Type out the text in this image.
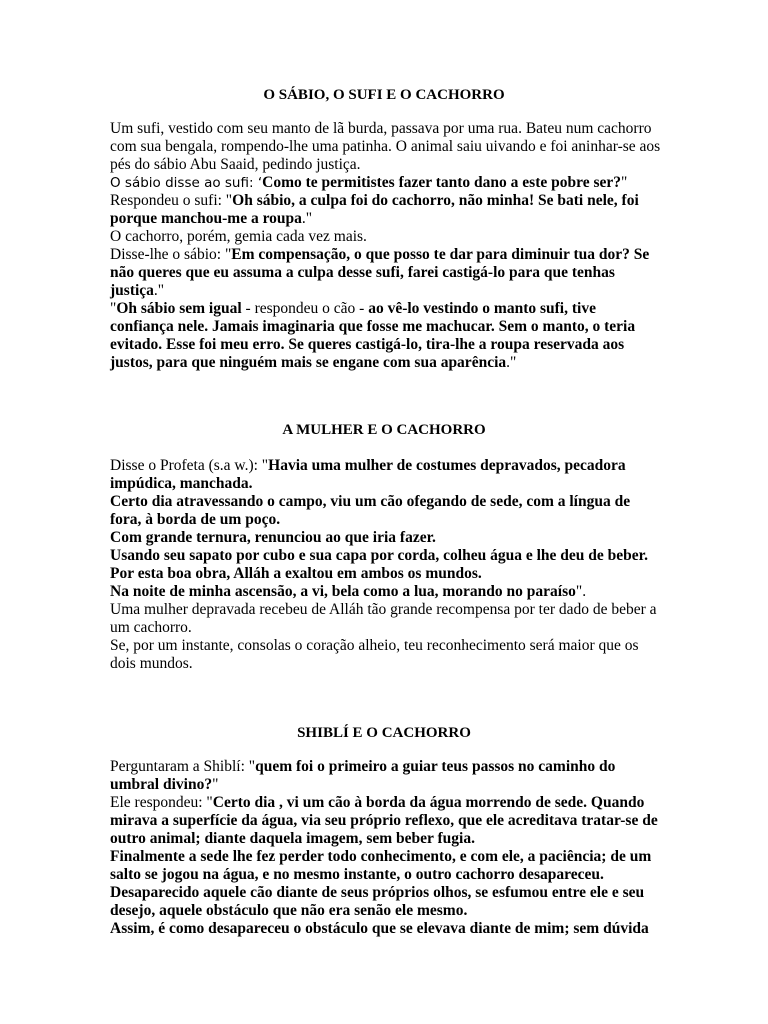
O SÁBIO, O SUFI E O CACHORRO

Um sufi, vestido com seu manto de lã burda, passava por uma rua. Bateu num cachorro com sua bengala, rompendo-lhe uma patinha. O animal saiu uivando e foi aninhar-se aos pés do sábio Abu Saaid, pedindo justiça.

O sábio disse ao sufi: ‘Como te permitistes fazer tanto dano a este pobre ser?"

Respondeu o sufi: "Oh sábio, a culpa foi do cachorro, não minha! Se bati nele, foi porque manchou-me a roupa."

O cachorro, porém, gemia cada vez mais.

Disse-lhe o sábio: "Em compensação, o que posso te dar para diminuir tua dor? Se não queres que eu assuma a culpa desse sufi, farei castigá-lo para que tenhas justiça."

"Oh sábio sem igual - respondeu o cão - ao vê-lo vestindo o manto sufi, tive confiança nele. Jamais imaginaria que fosse me machucar. Sem o manto, o teria evitado. Esse foi meu erro. Se queres castigá-lo, tira-lhe a roupa reservada aos justos, para que ninguém mais se engane com sua aparência."

A MULHER E O CACHORRO

Disse o Profeta (s.a w.): "Havia uma mulher de costumes depravados, pecadora impúdica, manchada.

Certo dia atravessando o campo, viu um cão ofegando de sede, com a língua de fora, à borda de um poço.

Com grande ternura, renunciou ao que iria fazer.

Usando seu sapato por cubo e sua capa por corda, colheu água e lhe deu de beber.

Por esta boa obra, Alláh a exaltou em ambos os mundos.

Na noite de minha ascensão, a vi, bela como a lua, morando no paraíso".

Uma mulher depravada recebeu de Alláh tão grande recompensa por ter dado de beber a um cachorro.

Se, por um instante, consolas o coração alheio, teu reconhecimento será maior que os dois mundos.

SHIBLÍ E O CACHORRO

Perguntaram a Shiblí: "quem foi o primeiro a guiar teus passos no caminho do umbral divino?"

Ele respondeu: "Certo dia , vi um cão à borda da água morrendo de sede. Quando mirava a superfície da água, via seu próprio reflexo, que ele acreditava tratar-se de outro animal; diante daquela imagem, sem beber fugia.

Finalmente a sede lhe fez perder todo conhecimento, e com ele, a paciência; de um salto se jogou na água, e no mesmo instante, o outro cachorro desapareceu.

Desaparecido aquele cão diante de seus próprios olhos, se esfumou entre ele e seu desejo, aquele obstáculo que não era senão ele mesmo.

Assim, é como desapareceu o obstáculo que se elevava diante de mim; sem dúvida
